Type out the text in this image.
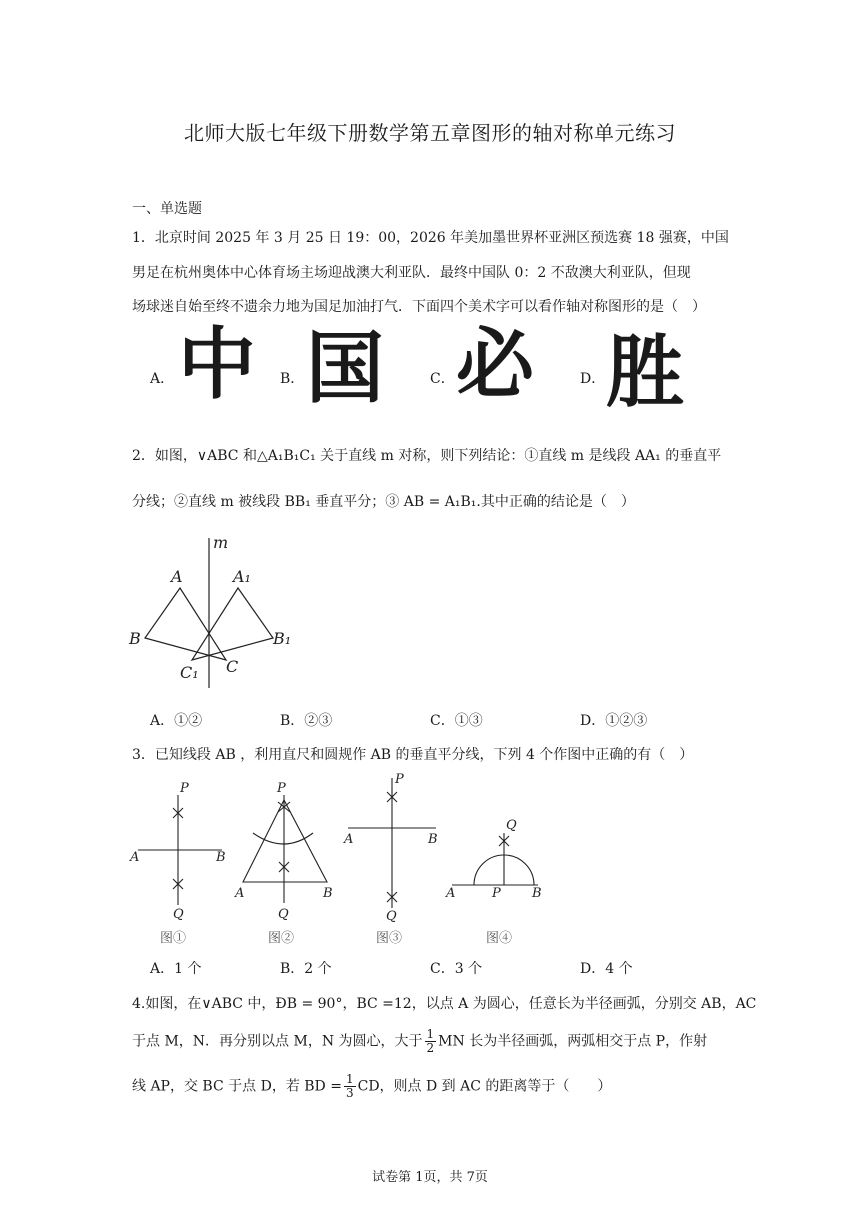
北师大版七年级下册数学第五章图形的轴对称单元练习
一、单选题
1．北京时间 2025 年 3 月 25 日 19：00，2026 年美加墨世界杯亚洲区预选赛 18 强赛，中国
男足在杭州奥体中心体育场主场迎战澳大利亚队．最终中国队 0：2 不敌澳大利亚队，但现
场球迷自始至终不遗余力地为国足加油打气．下面四个美术字可以看作轴对称图形的是（　）
A． 中 B． 国	C． 必	D． 胜
2．如图，∨ABC 和△A₁B₁C₁ 关于直线 m 对称，则下列结论：①直线 m 是线段 AA₁ 的垂直平
分线；②直线 m 被线段 BB₁ 垂直平分；③ AB = A₁B₁.其中正确的结论是（　）
m
A	A₁
B	B₁
C
C₁
A．①②	B．②③	C．①③	D．①②③
3．已知线段 AB ，利用直尺和圆规作 AB 的垂直平分线，下列 4 个作图中正确的有（　）
P
A	B
Q
图①
P
A	B
Q
图②
P
A	B
Q
图③
Q
A	P B
图④
A．1 个	B．2 个	C．3 个	D．4 个
4.如图，在∨ABC 中，ÐB = 90°，BC =12，以点 A 为圆心，任意长为半径画弧，分别交 AB，AC
于点 M，N．再分别以点 M，N 为圆心，大于 $\frac{1}{2}$ MN 长为半径画弧，两弧相交于点 P，作射
线 AP，交 BC 于点 D，若 BD = $\frac{1}{3}$ CD，则点 D 到 AC 的距离等于（　　）
试卷第 1页，共 7页
